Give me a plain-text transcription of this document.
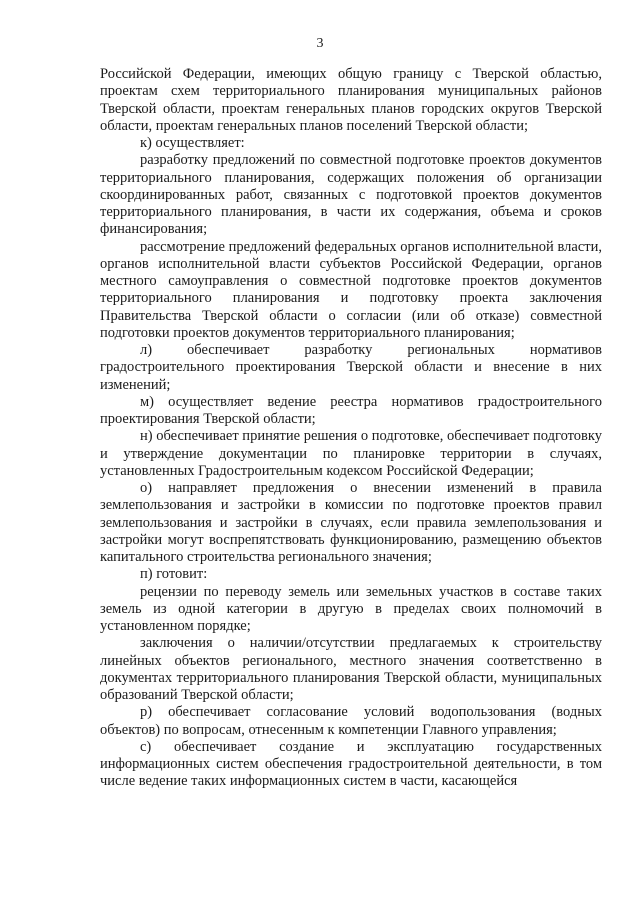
3

Российской Федерации, имеющих общую границу с Тверской областью, проектам схем территориального планирования муниципальных районов Тверской области, проектам генеральных планов городских округов Тверской области, проектам генеральных планов поселений Тверской области;

к) осуществляет:

разработку предложений по совместной подготовке проектов документов территориального планирования, содержащих положения об организации скоординированных работ, связанных с подготовкой проектов документов территориального планирования, в части их содержания, объема и сроков финансирования;

рассмотрение предложений федеральных органов исполнительной власти, органов исполнительной власти субъектов Российской Федерации, органов местного самоуправления о совместной подготовке проектов документов территориального планирования и подготовку проекта заключения Правительства Тверской области о согласии (или об отказе) совместной подготовки проектов документов территориального планирования;

л) обеспечивает разработку региональных нормативов градостроительного проектирования Тверской области и внесение в них изменений;

м) осуществляет ведение реестра нормативов градостроительного проектирования Тверской области;

н) обеспечивает принятие решения о подготовке, обеспечивает подготовку и утверждение документации по планировке территории в случаях, установленных Градостроительным кодексом Российской Федерации;

о) направляет предложения о внесении изменений в правила землепользования и застройки в комиссии по подготовке проектов правил землепользования и застройки в случаях, если правила землепользования и застройки могут воспрепятствовать функционированию, размещению объектов капитального строительства регионального значения;

п) готовит:

рецензии по переводу земель или земельных участков в составе таких земель из одной категории в другую в пределах своих полномочий в установленном порядке;

заключения о наличии/отсутствии предлагаемых к строительству линейных объектов регионального, местного значения соответственно в документах территориального планирования Тверской области, муниципальных образований Тверской области;

р) обеспечивает согласование условий водопользования (водных объектов) по вопросам, отнесенным к компетенции Главного управления;

с) обеспечивает создание и эксплуатацию государственных информационных систем обеспечения градостроительной деятельности, в том числе ведение таких информационных систем в части, касающейся
